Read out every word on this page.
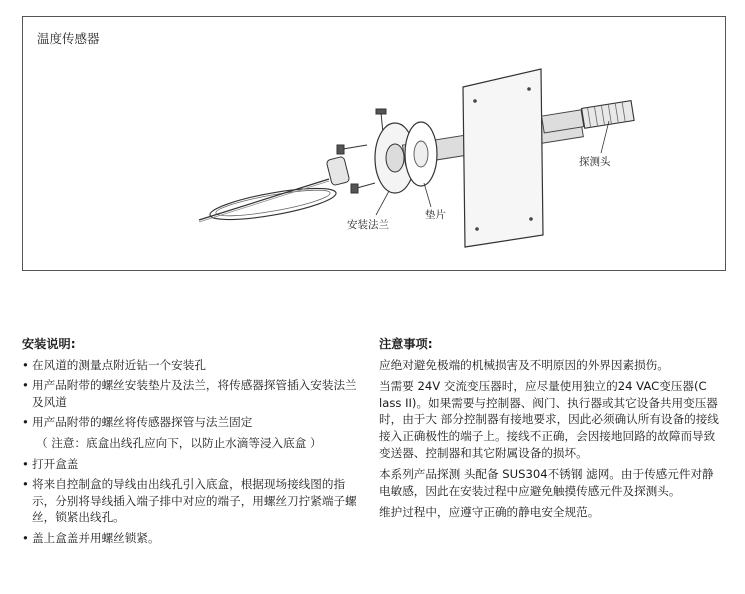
温度传感器
探测头
垫片
安装法兰
安装说明:
• 在风道的测量点附近钻一个安装孔
• 用产品附带的螺丝安装垫片及法兰，将传感器探管插入安装法兰及风道
• 用产品附带的螺丝将传感器探管与法兰固定
（ 注意：底盒出线孔应向下，以防止水滴等浸入底盒 ）
• 打开盒盖
• 将来自控制盒的导线由出线孔引入底盒，根据现场接线图的指示，分别将导线插入端子排中对应的端子，用螺丝刀拧紧端子螺丝，锁紧出线孔。
• 盖上盒盖并用螺丝锁紧。
注意事项:
应绝对避免极端的机械损害及不明原因的外界因素损伤。
当需要 24V 交流变压器时，应尽量使用独立的24 VAC变压器(C lass II)。如果需要与控制器、阀门、执行器或其它设备共用变压器时，由于大 部分控制器有接地要求，因此必须确认所有设备的接线接入正确极性的端子上。接线不正确，会因接地回路的故障而导致变送器、控制器和其它附属设备的损坏。
本系列产品探测 头配备 SUS304不锈钢 滤网。由于传感元件对静电敏感，因此在安装过程中应避免触摸传感元件及探测头。
维护过程中，应遵守正确的静电安全规范。
